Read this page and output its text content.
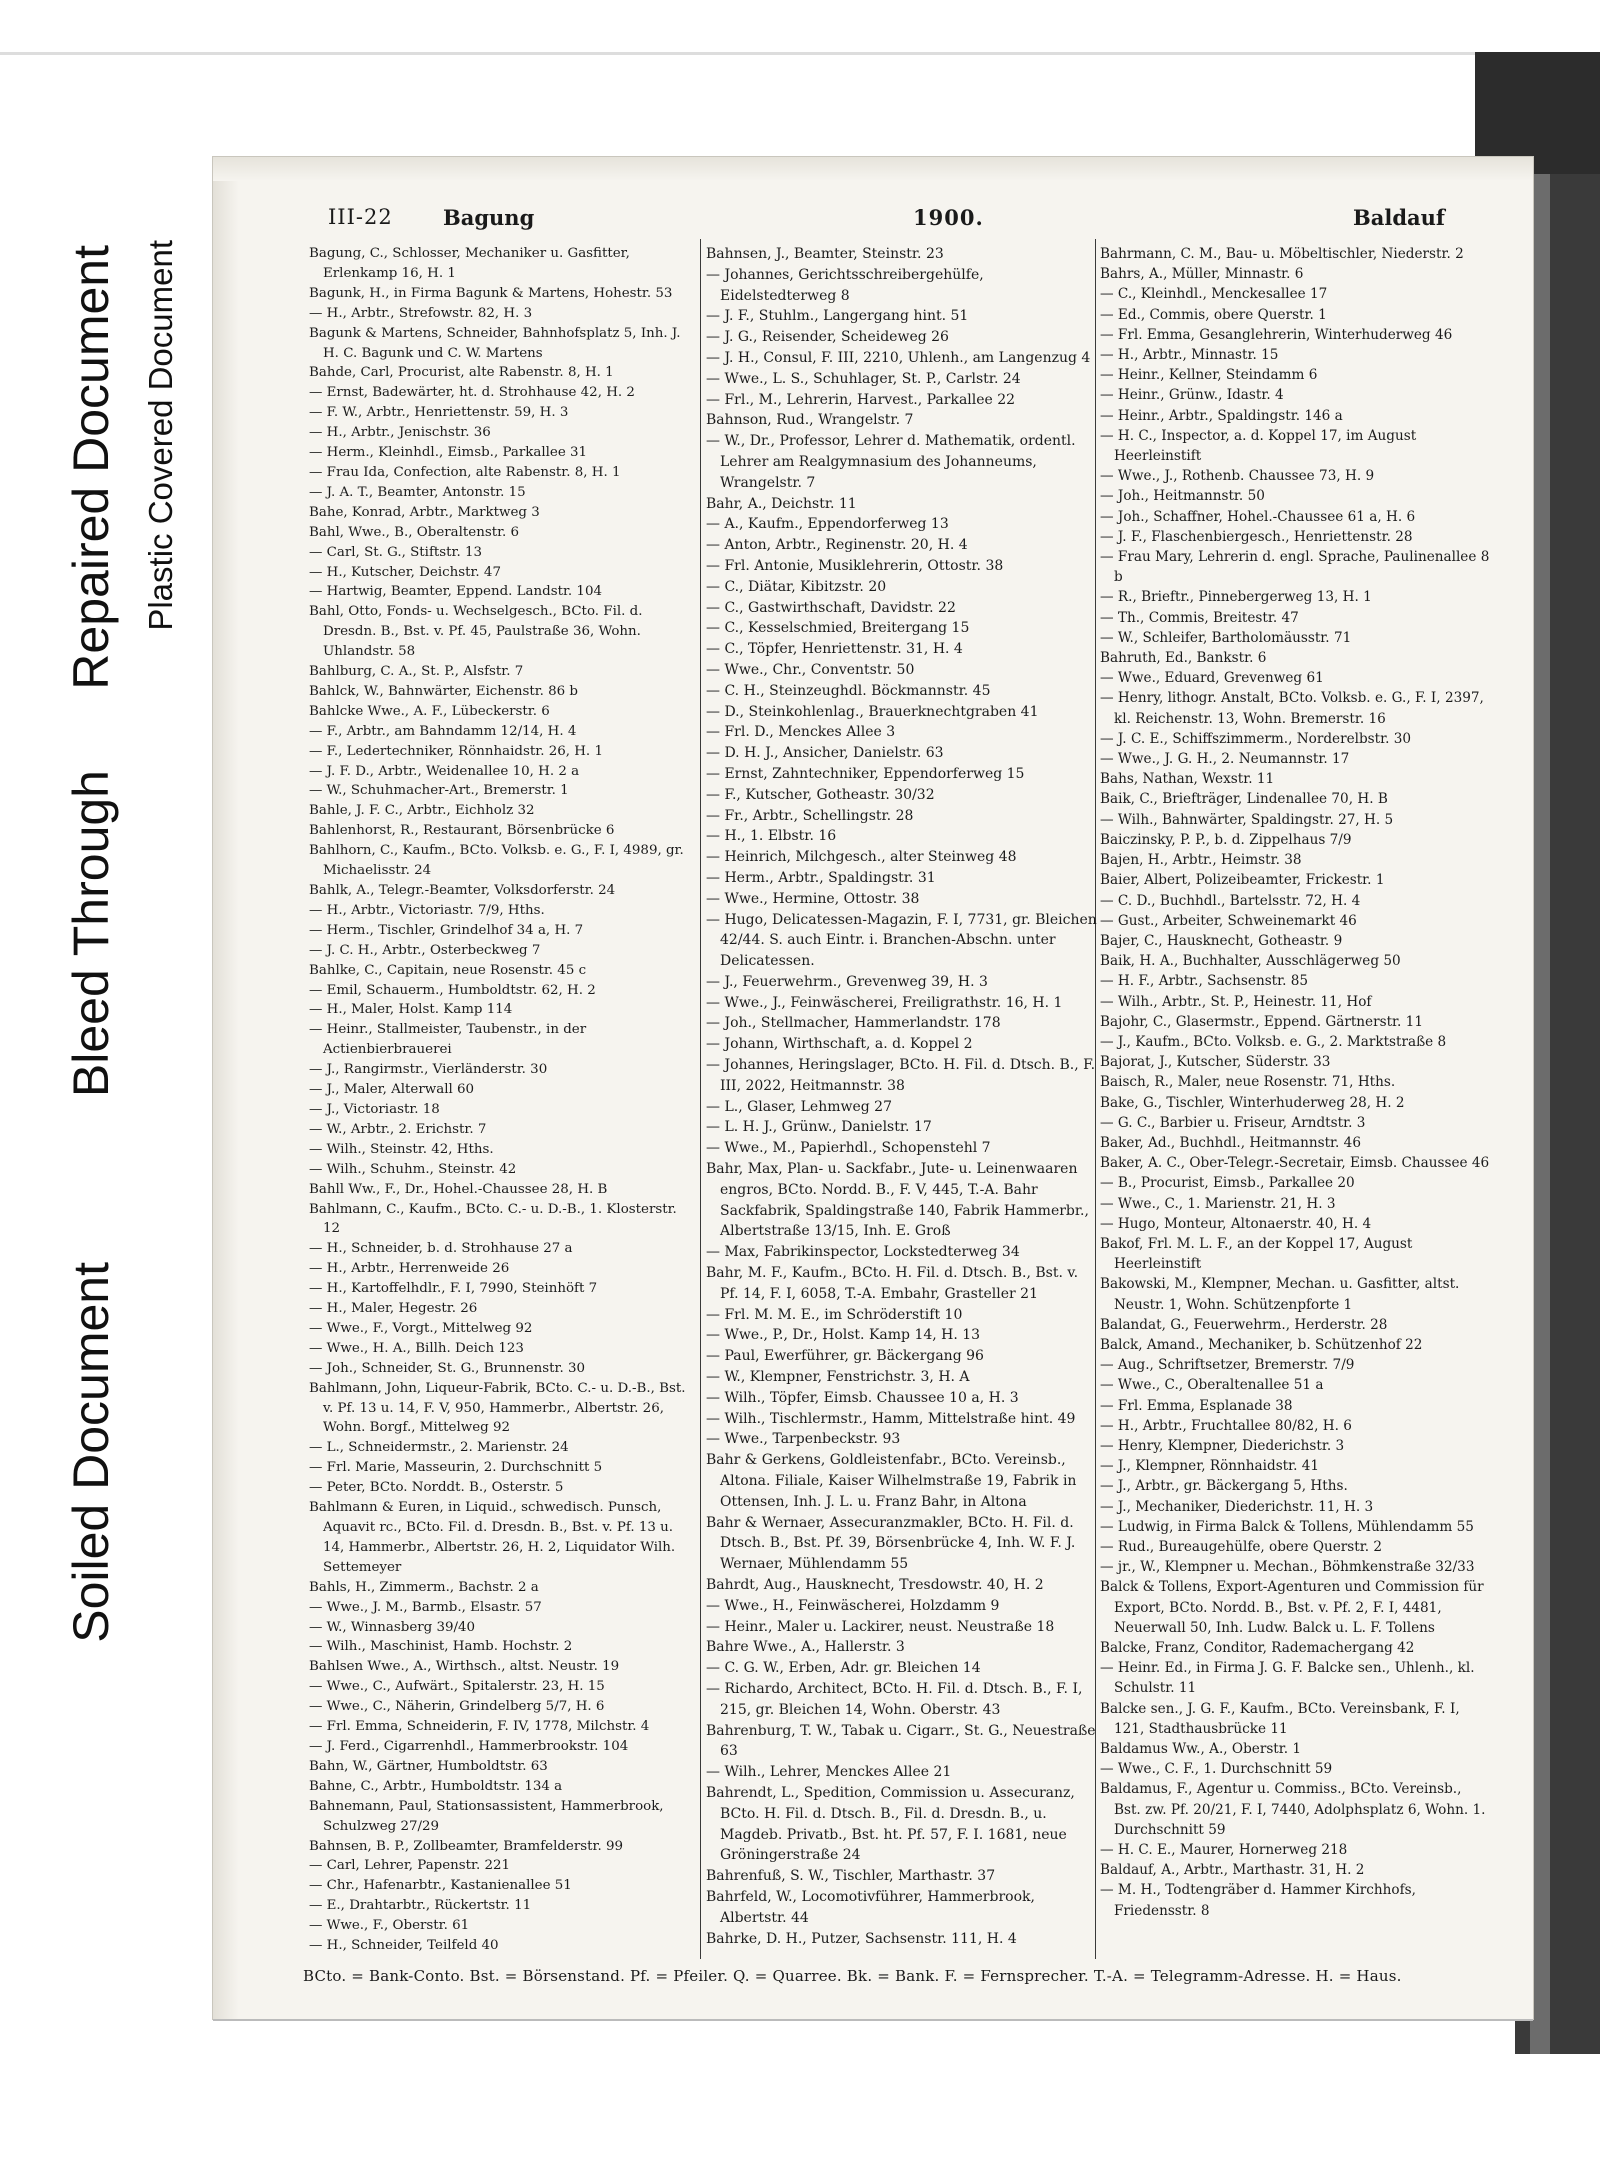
Soiled Document
Bleed Through
Repaired Document Plastic Covered Document
III-22 Bagung	1900.	Baldauf
Bagung, C., Schlosser, Mechaniker u. Gasfitter, Erlenkamp 16, H. 1
Bagunk, H., in Firma Bagunk & Martens, Hohestr. 53
— H., Arbtr., Strefowstr. 82, H. 3
Bagunk & Martens, Schneider, Bahnhofsplatz 5, Inh. J. H. C. Bagunk und C. W. Martens
Bahde, Carl, Procurist, alte Rabenstr. 8, H. 1
— Ernst, Badewärter, ht. d. Strohhause 42, H. 2
— F. W., Arbtr., Henriettenstr. 59, H. 3
— H., Arbtr., Jenischstr. 36
— Herm., Kleinhdl., Eimsb., Parkallee 31
— Frau Ida, Confection, alte Rabenstr. 8, H. 1
— J. A. T., Beamter, Antonstr. 15
Bahe, Konrad, Arbtr., Marktweg 3
Bahl, Wwe., B., Oberaltenstr. 6
— Carl, St. G., Stiftstr. 13
— H., Kutscher, Deichstr. 47
— Hartwig, Beamter, Eppend. Landstr. 104
Bahl, Otto, Fonds- u. Wechselgesch., BCto. Fil. d. Dresdn. B., Bst. v. Pf. 45, Paulstraße 36, Wohn. Uhlandstr. 58
Bahlburg, C. A., St. P., Alsfstr. 7
Bahlck, W., Bahnwärter, Eichenstr. 86 b
Bahlcke Wwe., A. F., Lübeckerstr. 6
— F., Arbtr., am Bahndamm 12/14, H. 4
— F., Ledertechniker, Rönnhaidstr. 26, H. 1
— J. F. D., Arbtr., Weidenallee 10, H. 2 a
— W., Schuhmacher-Art., Bremerstr. 1
Bahle, J. F. C., Arbtr., Eichholz 32
Bahlenhorst, R., Restaurant, Börsenbrücke 6
Bahlhorn, C., Kaufm., BCto. Volksb. e. G., F. I, 4989, gr. Michaelisstr. 24
Bahlk, A., Telegr.-Beamter, Volksdorferstr. 24
— H., Arbtr., Victoriastr. 7/9, Hths.
— Herm., Tischler, Grindelhof 34 a, H. 7
— J. C. H., Arbtr., Osterbeckweg 7
Bahlke, C., Capitain, neue Rosenstr. 45 c
— Emil, Schauerm., Humboldtstr. 62, H. 2
— H., Maler, Holst. Kamp 114
— Heinr., Stallmeister, Taubenstr., in der Actienbierbrauerei
— J., Rangirmstr., Vierländerstr. 30
— J., Maler, Alterwall 60
— J., Victoriastr. 18
— W., Arbtr., 2. Erichstr. 7
— Wilh., Steinstr. 42, Hths.
— Wilh., Schuhm., Steinstr. 42
Bahll Ww., F., Dr., Hohel.-Chaussee 28, H. B
Bahlmann, C., Kaufm., BCto. C.- u. D.-B., 1. Klosterstr. 12
— H., Schneider, b. d. Strohhause 27 a
— H., Arbtr., Herrenweide 26
— H., Kartoffelhdlr., F. I, 7990, Steinhöft 7
— H., Maler, Hegestr. 26
— Wwe., F., Vorgt., Mittelweg 92
— Wwe., H. A., Billh. Deich 123
— Joh., Schneider, St. G., Brunnenstr. 30
Bahlmann, John, Liqueur-Fabrik, BCto. C.- u. D.-B., Bst. v. Pf. 13 u. 14, F. V, 950, Hammerbr., Albertstr. 26, Wohn. Borgf., Mittelweg 92
— L., Schneidermstr., 2. Marienstr. 24
— Frl. Marie, Masseurin, 2. Durchschnitt 5
— Peter, BCto. Norddt. B., Osterstr. 5
Bahlmann & Euren, in Liquid., schwedisch. Punsch, Aquavit rc., BCto. Fil. d. Dresdn. B., Bst. v. Pf. 13 u. 14, Hammerbr., Albertstr. 26, H. 2, Liquidator Wilh. Settemeyer
Bahls, H., Zimmerm., Bachstr. 2 a
— Wwe., J. M., Barmb., Elsastr. 57
— W., Winnasberg 39/40
— Wilh., Maschinist, Hamb. Hochstr. 2
Bahlsen Wwe., A., Wirthsch., altst. Neustr. 19
— Wwe., C., Aufwärt., Spitalerstr. 23, H. 15
— Wwe., C., Näherin, Grindelberg 5/7, H. 6
— Frl. Emma, Schneiderin, F. IV, 1778, Milchstr. 4
— J. Ferd., Cigarrenhdl., Hammerbrookstr. 104
Bahn, W., Gärtner, Humboldtstr. 63
Bahne, C., Arbtr., Humboldtstr. 134 a
Bahnemann, Paul, Stationsassistent, Hammerbrook, Schulzweg 27/29
Bahnsen, B. P., Zollbeamter, Bramfelderstr. 99
— Carl, Lehrer, Papenstr. 221
— Chr., Hafenarbtr., Kastanienallee 51
— E., Drahtarbtr., Rückertstr. 11
— Wwe., F., Oberstr. 61
— H., Schneider, Teilfeld 40
Bahnsen, J., Beamter, Steinstr. 23
— Johannes, Gerichtsschreibergehülfe, Eidelstedterweg 8
— J. F., Stuhlm., Langergang hint. 51
— J. G., Reisender, Scheideweg 26
— J. H., Consul, F. III, 2210, Uhlenh., am Langenzug 4
— Wwe., L. S., Schuhlager, St. P., Carlstr. 24
— Frl., M., Lehrerin, Harvest., Parkallee 22
Bahnson, Rud., Wrangelstr. 7
— W., Dr., Professor, Lehrer d. Mathematik, ordentl. Lehrer am Realgymnasium des Johanneums, Wrangelstr. 7
Bahr, A., Deichstr. 11
— A., Kaufm., Eppendorferweg 13
— Anton, Arbtr., Reginenstr. 20, H. 4
— Frl. Antonie, Musiklehrerin, Ottostr. 38
— C., Diätar, Kibitzstr. 20
— C., Gastwirthschaft, Davidstr. 22
— C., Kesselschmied, Breitergang 15
— C., Töpfer, Henriettenstr. 31, H. 4
— Wwe., Chr., Conventstr. 50
— C. H., Steinzeughdl. Böckmannstr. 45
— D., Steinkohlenlag., Brauerknechtgraben 41
— Frl. D., Menckes Allee 3
— D. H. J., Ansicher, Danielstr. 63
— Ernst, Zahntechniker, Eppendorferweg 15
— F., Kutscher, Gotheastr. 30/32
— Fr., Arbtr., Schellingstr. 28
— H., 1. Elbstr. 16
— Heinrich, Milchgesch., alter Steinweg 48
— Herm., Arbtr., Spaldingstr. 31
— Wwe., Hermine, Ottostr. 38
— Hugo, Delicatessen-Magazin, F. I, 7731, gr. Bleichen 42/44. S. auch Eintr. i. Branchen-Abschn. unter Delicatessen.
— J., Feuerwehrm., Grevenweg 39, H. 3
— Wwe., J., Feinwäscherei, Freiligrathstr. 16, H. 1
— Joh., Stellmacher, Hammerlandstr. 178
— Johann, Wirthschaft, a. d. Koppel 2
— Johannes, Heringslager, BCto. H. Fil. d. Dtsch. B., F. III, 2022, Heitmannstr. 38
— L., Glaser, Lehmweg 27
— L. H. J., Grünw., Danielstr. 17
— Wwe., M., Papierhdl., Schopenstehl 7
Bahr, Max, Plan- u. Sackfabr., Jute- u. Leinenwaaren engros, BCto. Nordd. B., F. V, 445, T.-A. Bahr Sackfabrik, Spaldingstraße 140, Fabrik Hammerbr., Albertstraße 13/15, Inh. E. Groß
— Max, Fabrikinspector, Lockstedterweg 34
Bahr, M. F., Kaufm., BCto. H. Fil. d. Dtsch. B., Bst. v. Pf. 14, F. I, 6058, T.-A. Embahr, Grasteller 21
— Frl. M. M. E., im Schröderstift 10
— Wwe., P., Dr., Holst. Kamp 14, H. 13
— Paul, Ewerführer, gr. Bäckergang 96
— W., Klempner, Fenstrichstr. 3, H. A
— Wilh., Töpfer, Eimsb. Chaussee 10 a, H. 3
— Wilh., Tischlermstr., Hamm, Mittelstraße hint. 49
— Wwe., Tarpenbeckstr. 93
Bahr & Gerkens, Goldleistenfabr., BCto. Vereinsb., Altona. Filiale, Kaiser Wilhelmstraße 19, Fabrik in Ottensen, Inh. J. L. u. Franz Bahr, in Altona
Bahr & Wernaer, Assecuranzmakler, BCto. H. Fil. d. Dtsch. B., Bst. Pf. 39, Börsenbrücke 4, Inh. W. F. J. Wernaer, Mühlendamm 55
Bahrdt, Aug., Hausknecht, Tresdowstr. 40, H. 2
— Wwe., H., Feinwäscherei, Holzdamm 9
— Heinr., Maler u. Lackirer, neust. Neustraße 18
Bahre Wwe., A., Hallerstr. 3
— C. G. W., Erben, Adr. gr. Bleichen 14
— Richardo, Architect, BCto. H. Fil. d. Dtsch. B., F. I, 215, gr. Bleichen 14, Wohn. Oberstr. 43
Bahrenburg, T. W., Tabak u. Cigarr., St. G., Neuestraße 63
— Wilh., Lehrer, Menckes Allee 21
Bahrendt, L., Spedition, Commission u. Assecuranz, BCto. H. Fil. d. Dtsch. B., Fil. d. Dresdn. B., u. Magdeb. Privatb., Bst. ht. Pf. 57, F. I. 1681, neue Gröningerstraße 24
Bahrenfuß, S. W., Tischler, Marthastr. 37
Bahrfeld, W., Locomotivführer, Hammerbrook, Albertstr. 44
Bahrke, D. H., Putzer, Sachsenstr. 111, H. 4
Bahrmann, C. M., Bau- u. Möbeltischler, Niederstr. 2
Bahrs, A., Müller, Minnastr. 6
— C., Kleinhdl., Menckesallee 17
— Ed., Commis, obere Querstr. 1
— Frl. Emma, Gesanglehrerin, Winterhuderweg 46
— H., Arbtr., Minnastr. 15
— Heinr., Kellner, Steindamm 6
— Heinr., Grünw., Idastr. 4
— Heinr., Arbtr., Spaldingstr. 146 a
— H. C., Inspector, a. d. Koppel 17, im August Heerleinstift
— Wwe., J., Rothenb. Chaussee 73, H. 9
— Joh., Heitmannstr. 50
— Joh., Schaffner, Hohel.-Chaussee 61 a, H. 6
— J. F., Flaschenbiergesch., Henriettenstr. 28
— Frau Mary, Lehrerin d. engl. Sprache, Paulinenallee 8 b
— R., Brieftr., Pinnebergerweg 13, H. 1
— Th., Commis, Breitestr. 47
— W., Schleifer, Bartholomäusstr. 71
Bahruth, Ed., Bankstr. 6
— Wwe., Eduard, Grevenweg 61
— Henry, lithogr. Anstalt, BCto. Volksb. e. G., F. I, 2397, kl. Reichenstr. 13, Wohn. Bremerstr. 16
— J. C. E., Schiffszimmerm., Norderelbstr. 30
— Wwe., J. G. H., 2. Neumannstr. 17
Bahs, Nathan, Wexstr. 11
Baik, C., Briefträger, Lindenallee 70, H. B
— Wilh., Bahnwärter, Spaldingstr. 27, H. 5
Baiczinsky, P. P., b. d. Zippelhaus 7/9
Bajen, H., Arbtr., Heimstr. 38
Baier, Albert, Polizeibeamter, Frickestr. 1
— C. D., Buchhdl., Bartelsstr. 72, H. 4
— Gust., Arbeiter, Schweinemarkt 46
Bajer, C., Hausknecht, Gotheastr. 9
Baik, H. A., Buchhalter, Ausschlägerweg 50
— H. F., Arbtr., Sachsenstr. 85
— Wilh., Arbtr., St. P., Heinestr. 11, Hof
Bajohr, C., Glasermstr., Eppend. Gärtnerstr. 11
— J., Kaufm., BCto. Volksb. e. G., 2. Marktstraße 8
Bajorat, J., Kutscher, Süderstr. 33
Baisch, R., Maler, neue Rosenstr. 71, Hths.
Bake, G., Tischler, Winterhuderweg 28, H. 2
— G. C., Barbier u. Friseur, Arndtstr. 3
Baker, Ad., Buchhdl., Heitmannstr. 46
Baker, A. C., Ober-Telegr.-Secretair, Eimsb. Chaussee 46
— B., Procurist, Eimsb., Parkallee 20
— Wwe., C., 1. Marienstr. 21, H. 3
— Hugo, Monteur, Altonaerstr. 40, H. 4
Bakof, Frl. M. L. F., an der Koppel 17, August Heerleinstift
Bakowski, M., Klempner, Mechan. u. Gasfitter, altst. Neustr. 1, Wohn. Schützenpforte 1
Balandat, G., Feuerwehrm., Herderstr. 28
Balck, Amand., Mechaniker, b. Schützenhof 22
— Aug., Schriftsetzer, Bremerstr. 7/9
— Wwe., C., Oberaltenallee 51 a
— Frl. Emma, Esplanade 38
— H., Arbtr., Fruchtallee 80/82, H. 6
— Henry, Klempner, Diederichstr. 3
— J., Klempner, Rönnhaidstr. 41
— J., Arbtr., gr. Bäckergang 5, Hths.
— J., Mechaniker, Diederichstr. 11, H. 3
— Ludwig, in Firma Balck & Tollens, Mühlendamm 55
— Rud., Bureaugehülfe, obere Querstr. 2
— jr., W., Klempner u. Mechan., Böhmkenstraße 32/33
Balck & Tollens, Export-Agenturen und Commission für Export, BCto. Nordd. B., Bst. v. Pf. 2, F. I, 4481, Neuerwall 50, Inh. Ludw. Balck u. L. F. Tollens
Balcke, Franz, Conditor, Rademachergang 42
— Heinr. Ed., in Firma J. G. F. Balcke sen., Uhlenh., kl. Schulstr. 11
Balcke sen., J. G. F., Kaufm., BCto. Vereinsbank, F. I, 121, Stadthausbrücke 11
Baldamus Ww., A., Oberstr. 1
— Wwe., C. F., 1. Durchschnitt 59
Baldamus, F., Agentur u. Commiss., BCto. Vereinsb., Bst. zw. Pf. 20/21, F. I, 7440, Adolphsplatz 6, Wohn. 1. Durchschnitt 59
— H. C. E., Maurer, Hornerweg 218
Baldauf, A., Arbtr., Marthastr. 31, H. 2
— M. H., Todtengräber d. Hammer Kirchhofs, Friedensstr. 8
BCto. = Bank-Conto. Bst. = Börsenstand. Pf. = Pfeiler. Q. = Quarree. Bk. = Bank. F. = Fernsprecher. T.-A. = Telegramm-Adresse. H. = Haus.
